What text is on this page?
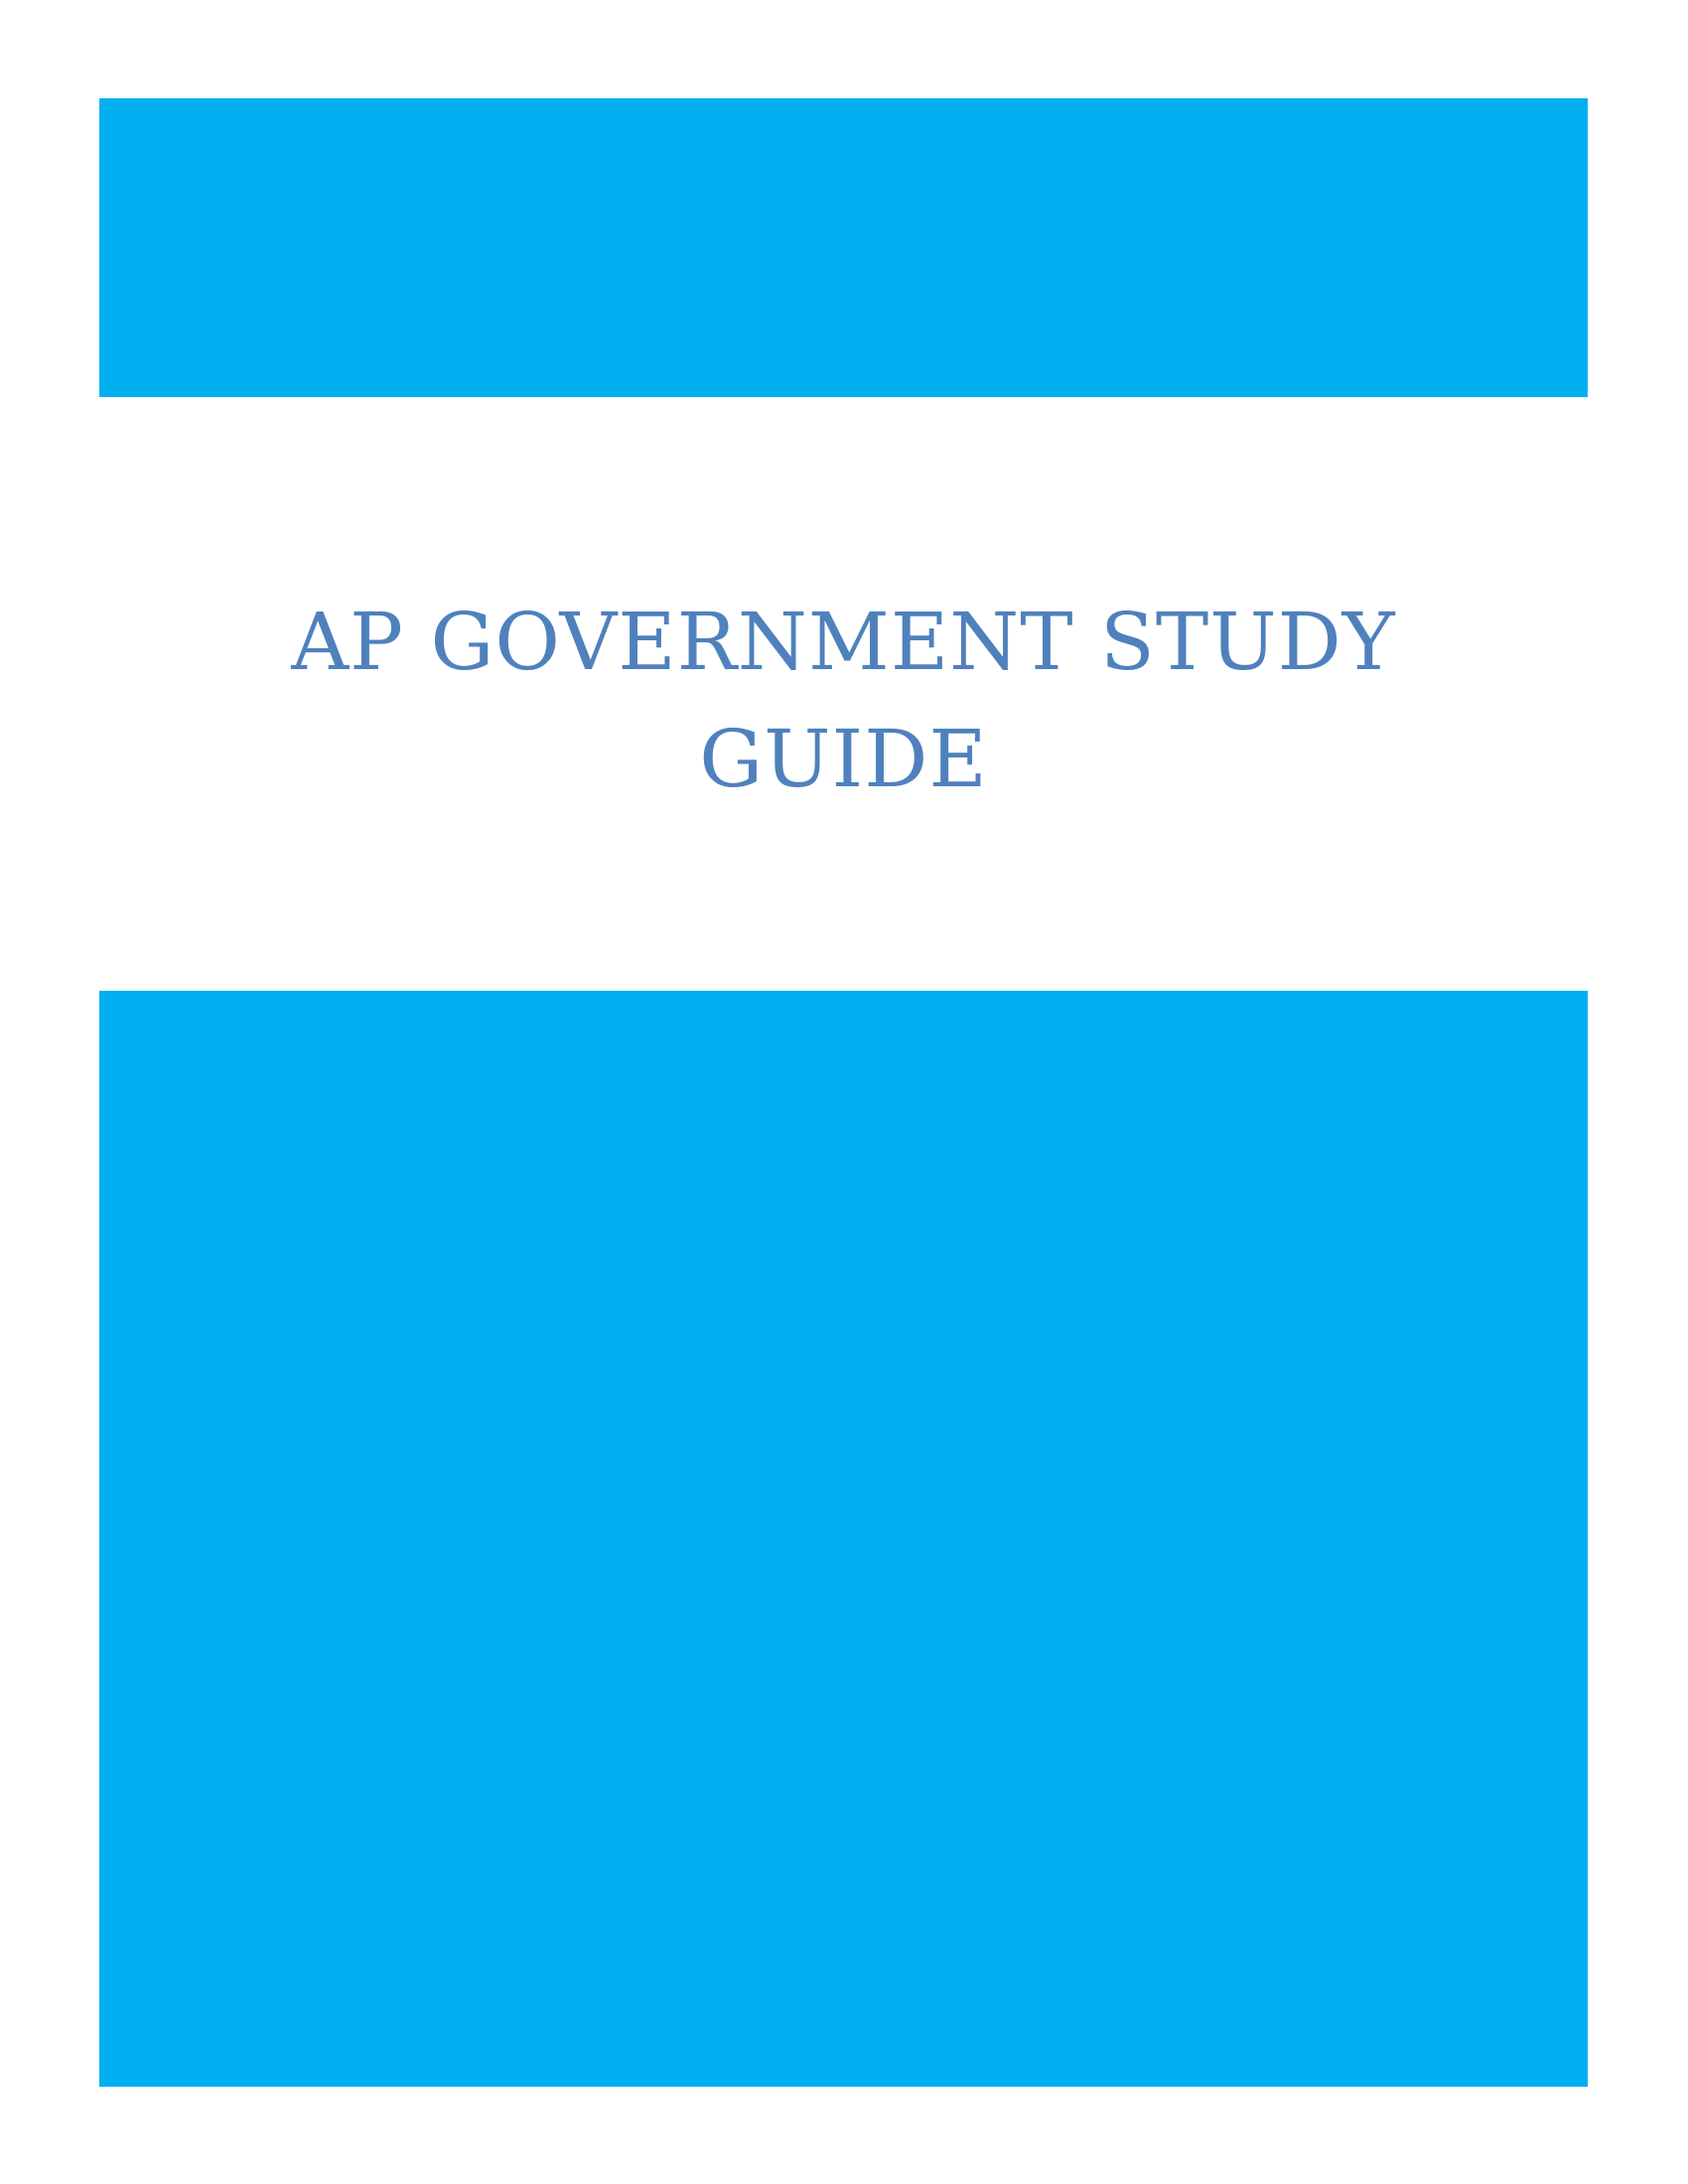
AP GOVERNMENT STUDY
GUIDE
